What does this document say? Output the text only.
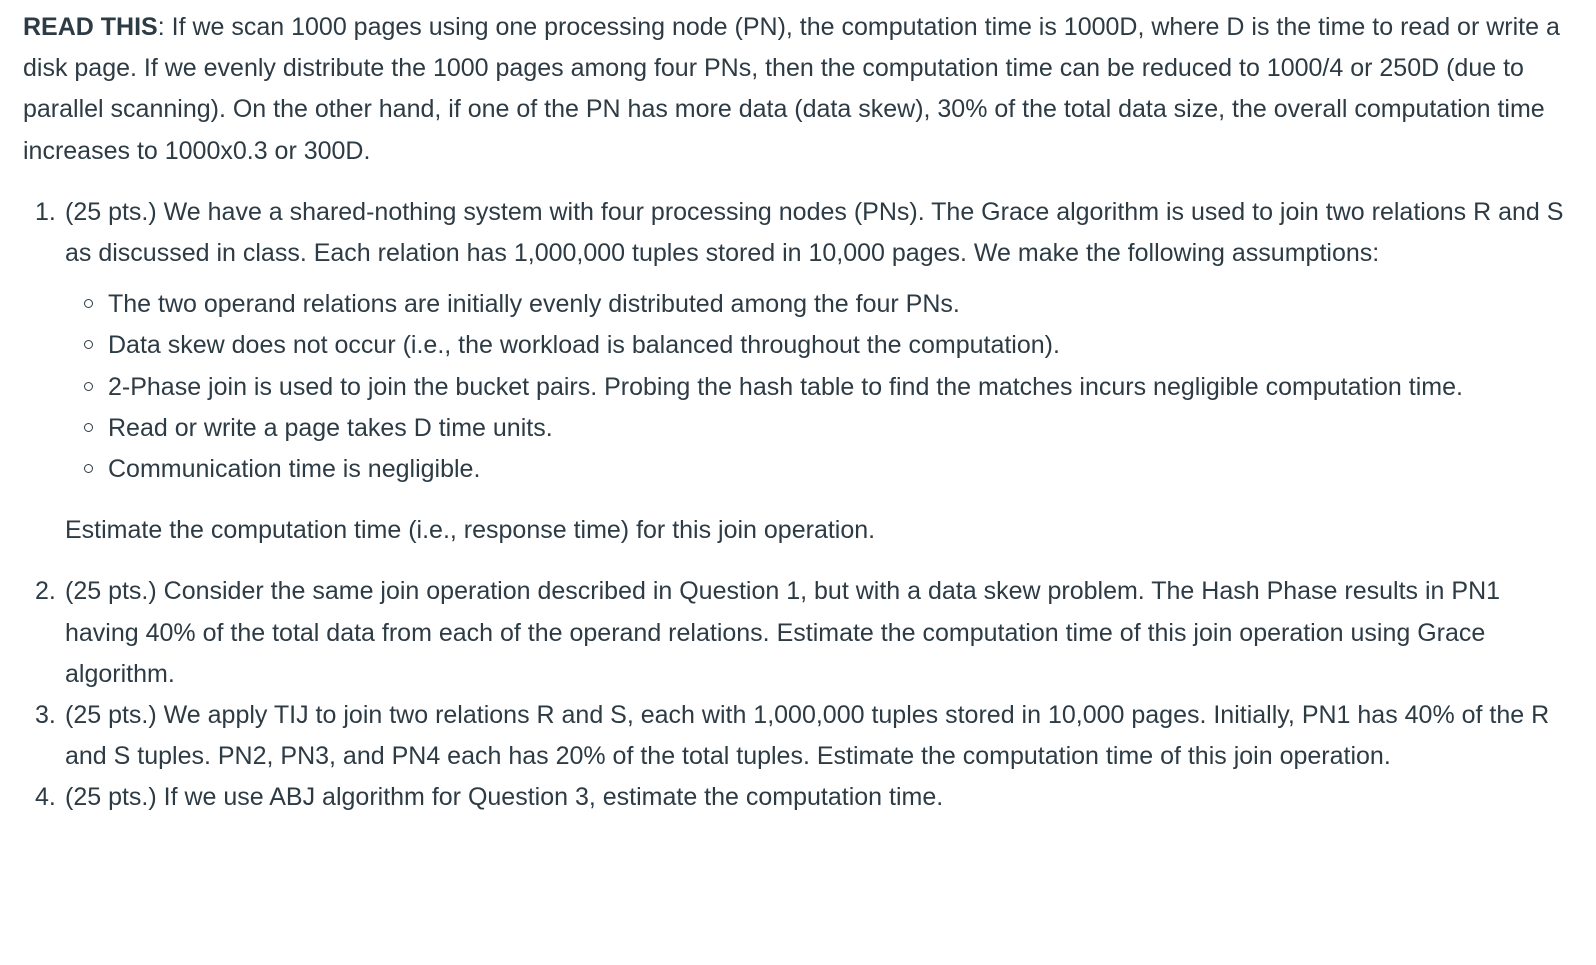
READ THIS: If we scan 1000 pages using one processing node (PN), the computation time is 1000D, where D is the time to read or write a disk page. If we evenly distribute the 1000 pages among four PNs, then the computation time can be reduced to 1000/4 or 250D (due to parallel scanning). On the other hand, if one of the PN has more data (data skew), 30% of the total data size, the overall computation time increases to 1000x0.3 or 300D.

1. (25 pts.) We have a shared-nothing system with four processing nodes (PNs). The Grace algorithm is used to join two relations R and S as discussed in class. Each relation has 1,000,000 tuples stored in 10,000 pages. We make the following assumptions:

The two operand relations are initially evenly distributed among the four PNs.
Data skew does not occur (i.e., the workload is balanced throughout the computation).
2-Phase join is used to join the bucket pairs. Probing the hash table to find the matches incurs negligible computation time.
Read or write a page takes D time units.
Communication time is negligible.

Estimate the computation time (i.e., response time) for this join operation.

2. (25 pts.) Consider the same join operation described in Question 1, but with a data skew problem. The Hash Phase results in PN1 having 40% of the total data from each of the operand relations. Estimate the computation time of this join operation using Grace algorithm.

3. (25 pts.) We apply TIJ to join two relations R and S, each with 1,000,000 tuples stored in 10,000 pages. Initially, PN1 has 40% of the R and S tuples. PN2, PN3, and PN4 each has 20% of the total tuples. Estimate the computation time of this join operation.

4. (25 pts.) If we use ABJ algorithm for Question 3, estimate the computation time.
